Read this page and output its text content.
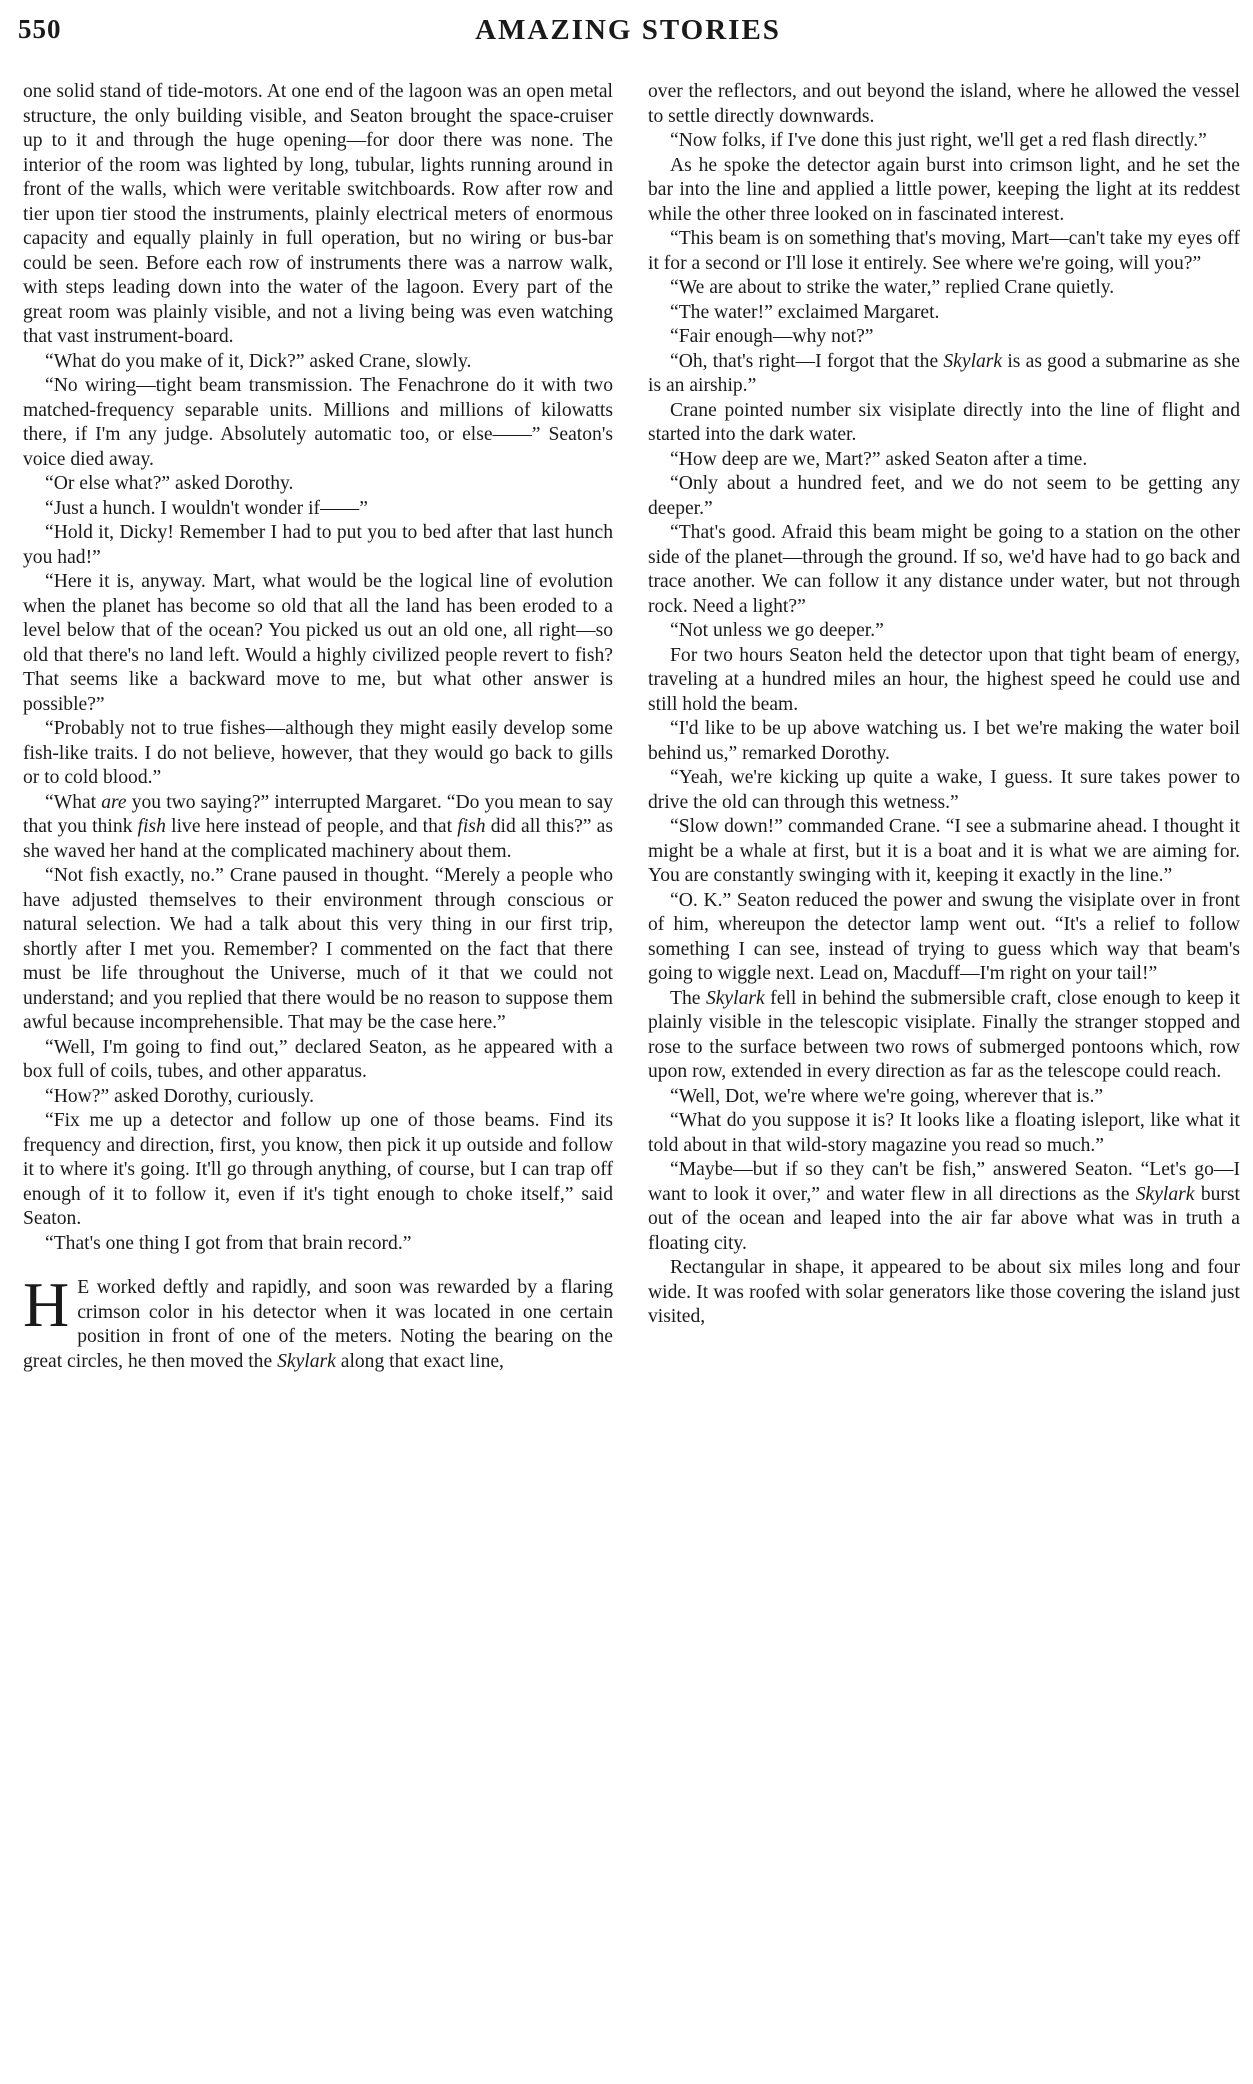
550	AMAZING STORIES

one solid stand of tide-motors. At one end of the lagoon was an open metal structure, the only building visible, and Seaton brought the space-cruiser up to it and through the huge opening—for door there was none. The interior of the room was lighted by long, tubular, lights running around in front of the walls, which were veritable switchboards. Row after row and tier upon tier stood the instruments, plainly electrical meters of enormous capacity and equally plainly in full operation, but no wiring or bus-bar could be seen. Before each row of instruments there was a narrow walk, with steps leading down into the water of the lagoon. Every part of the great room was plainly visible, and not a living being was even watching that vast instrument-board.

“What do you make of it, Dick?” asked Crane, slowly.

“No wiring—tight beam transmission. The Fenachrone do it with two matched-frequency separable units. Millions and millions of kilowatts there, if I'm any judge. Absolutely automatic too, or else——” Seaton's voice died away.

“Or else what?” asked Dorothy.

“Just a hunch. I wouldn't wonder if——”

“Hold it, Dicky! Remember I had to put you to bed after that last hunch you had!”

“Here it is, anyway. Mart, what would be the logical line of evolution when the planet has become so old that all the land has been eroded to a level below that of the ocean? You picked us out an old one, all right—so old that there's no land left. Would a highly civilized people revert to fish? That seems like a backward move to me, but what other answer is possible?”

“Probably not to true fishes—although they might easily develop some fish-like traits. I do not believe, however, that they would go back to gills or to cold blood.”

“What are you two saying?” interrupted Margaret. “Do you mean to say that you think fish live here instead of people, and that fish did all this?” as she waved her hand at the complicated machinery about them.

“Not fish exactly, no.” Crane paused in thought. “Merely a people who have adjusted themselves to their environment through conscious or natural selection. We had a talk about this very thing in our first trip, shortly after I met you. Remember? I commented on the fact that there must be life throughout the Universe, much of it that we could not understand; and you replied that there would be no reason to suppose them awful because incomprehensible. That may be the case here.”

“Well, I'm going to find out,” declared Seaton, as he appeared with a box full of coils, tubes, and other apparatus.

“How?” asked Dorothy, curiously.

“Fix me up a detector and follow up one of those beams. Find its frequency and direction, first, you know, then pick it up outside and follow it to where it's going. It'll go through anything, of course, but I can trap off enough of it to follow it, even if it's tight enough to choke itself,” said Seaton.

“That's one thing I got from that brain record.”

H E worked deftly and rapidly, and soon was rewarded by a flaring crimson color in his detector when it was located in one certain position in front of one of the meters. Noting the bearing on the great circles, he then moved the Skylark along that exact line,

over the reflectors, and out beyond the island, where he allowed the vessel to settle directly downwards.

“Now folks, if I've done this just right, we'll get a red flash directly.”

As he spoke the detector again burst into crimson light, and he set the bar into the line and applied a little power, keeping the light at its reddest while the other three looked on in fascinated interest.

“This beam is on something that's moving, Mart—can't take my eyes off it for a second or I'll lose it entirely. See where we're going, will you?”

“We are about to strike the water,” replied Crane quietly.

“The water!” exclaimed Margaret.

“Fair enough—why not?”

“Oh, that's right—I forgot that the Skylark is as good a submarine as she is an airship.”

Crane pointed number six visiplate directly into the line of flight and started into the dark water.

“How deep are we, Mart?” asked Seaton after a time.

“Only about a hundred feet, and we do not seem to be getting any deeper.”

“That's good. Afraid this beam might be going to a station on the other side of the planet—through the ground. If so, we'd have had to go back and trace another. We can follow it any distance under water, but not through rock. Need a light?”

“Not unless we go deeper.”

For two hours Seaton held the detector upon that tight beam of energy, traveling at a hundred miles an hour, the highest speed he could use and still hold the beam.

“I'd like to be up above watching us. I bet we're making the water boil behind us,” remarked Dorothy.

“Yeah, we're kicking up quite a wake, I guess. It sure takes power to drive the old can through this wetness.”

“Slow down!” commanded Crane. “I see a submarine ahead. I thought it might be a whale at first, but it is a boat and it is what we are aiming for. You are constantly swinging with it, keeping it exactly in the line.”

“O. K.” Seaton reduced the power and swung the visiplate over in front of him, whereupon the detector lamp went out. “It's a relief to follow something I can see, instead of trying to guess which way that beam's going to wiggle next. Lead on, Macduff—I'm right on your tail!”

The Skylark fell in behind the submersible craft, close enough to keep it plainly visible in the telescopic visiplate. Finally the stranger stopped and rose to the surface between two rows of submerged pontoons which, row upon row, extended in every direction as far as the telescope could reach.

“Well, Dot, we're where we're going, wherever that is.”

“What do you suppose it is? It looks like a floating isleport, like what it told about in that wild-story magazine you read so much.”

“Maybe—but if so they can't be fish,” answered Seaton. “Let's go—I want to look it over,” and water flew in all directions as the Skylark burst out of the ocean and leaped into the air far above what was in truth a floating city.

Rectangular in shape, it appeared to be about six miles long and four wide. It was roofed with solar generators like those covering the island just visited,
